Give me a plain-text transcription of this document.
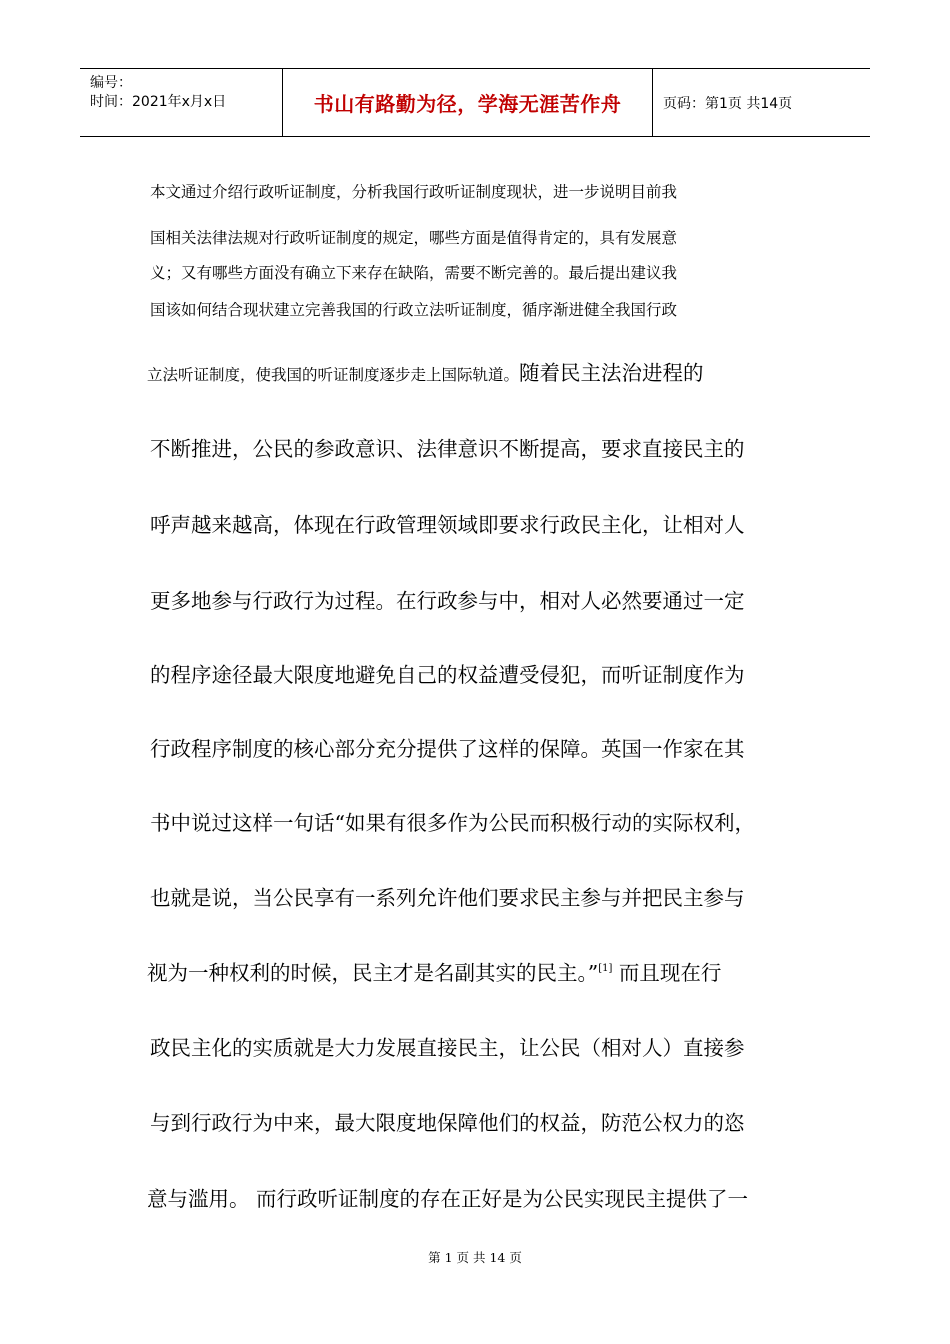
编号：
时间：2021年x月x日	书山有路勤为径，学海无涯苦作舟	页码：第1页 共14页
本文通过介绍行政听证制度，分析我国行政听证制度现状，进一步说明目前我
国相关法律法规对行政听证制度的规定，哪些方面是值得肯定的，具有发展意
义；又有哪些方面没有确立下来存在缺陷，需要不断完善的。最后提出建议我
国该如何结合现状建立完善我国的行政立法听证制度，循序渐进健全我国行政
立法听证制度，使我国的听证制度逐步走上国际轨道。随着民主法治进程的
不断推进，公民的参政意识、法律意识不断提高，要求直接民主的
呼声越来越高，体现在行政管理领域即要求行政民主化，让相对人
更多地参与行政行为过程。在行政参与中，相对人必然要通过一定
的程序途径最大限度地避免自己的权益遭受侵犯，而听证制度作为
行政程序制度的核心部分充分提供了这样的保障。英国一作家在其
书中说过这样一句话“如果有很多作为公民而积极行动的实际权利，
也就是说，当公民享有一系列允许他们要求民主参与并把民主参与
视为一种权利的时候，民主才是名副其实的民主。”[1] 而且现在行
政民主化的实质就是大力发展直接民主，让公民（相对人）直接参
与到行政行为中来，最大限度地保障他们的权益，防范公权力的恣
意与滥用。 而行政听证制度的存在正好是为公民实现民主提供了一
第 1 页 共 14 页
